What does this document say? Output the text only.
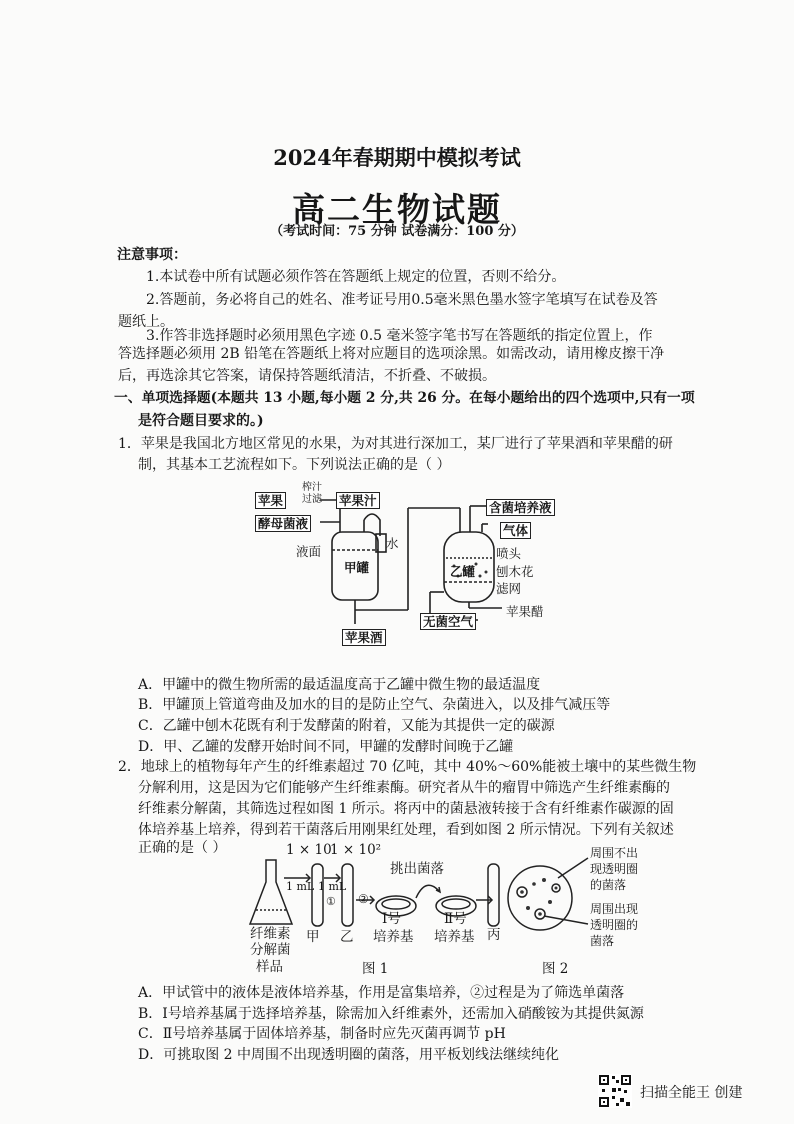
2024年春期期中模拟考试
高二生物试题
（考试时间：75 分钟 试卷满分：100 分）
注意事项：
1.本试卷中所有试题必须作答在答题纸上规定的位置，否则不给分。
2.答题前，务必将自己的姓名、准考证号用0.5毫米黑色墨水签字笔填写在试卷及答
题纸上。
3.作答非选择题时必须用黑色字迹 0.5 毫米签字笔书写在答题纸的指定位置上，作
答选择题必须用 2B 铅笔在答题纸上将对应题目的选项涂黑。如需改动，请用橡皮擦干净
后，再选涂其它答案，请保持答题纸清洁，不折叠、不破损。
一、单项选择题(本题共 13 小题,每小题 2 分,共 26 分。在每小题给出的四个选项中,只有一项
是符合题目要求的。)
1．苹果是我国北方地区常见的水果，为对其进行深加工，某厂进行了苹果酒和苹果醋的研
制，其基本工艺流程如下。下列说法正确的是（ ）
苹果
榨汁
过滤 苹果汁
酵母菌液
水
液面
甲罐
苹果酒
无菌空气
含菌培养液
气体
喷头
乙罐 刨木花
滤网
苹果醋
A．甲罐中的微生物所需的最适温度高于乙罐中微生物的最适温度
B．甲罐顶上管道弯曲及加水的目的是防止空气、杂菌进入，以及排气减压等
C．乙罐中刨木花既有利于发酵菌的附着，又能为其提供一定的碳源
D．甲、乙罐的发酵开始时间不同，甲罐的发酵时间晚于乙罐
2．地球上的植物每年产生的纤维素超过 70 亿吨，其中 40%～60%能被土壤中的某些微生物
分解利用，这是因为它们能够产生纤维素酶。研究者从牛的瘤胃中筛选产生纤维素酶的
纤维素分解菌，其筛选过程如图 1 所示。将丙中的菌悬液转接于含有纤维素作碳源的固
体培养基上培养，得到若干菌落后用刚果红处理，看到如图 2 所示情况。下列有关叙述
正确的是（ ）	1 × 10
1 × 10²
挑出菌落
1 mL 1 mL
① ②
纤维素
分解菌
样品
甲 乙
Ⅰ号
培养基
Ⅱ号
培养基 丙
图 1	图 2
周围不出
现透明圈
的菌落
周围出现
透明圈的
菌落
A．甲试管中的液体是液体培养基，作用是富集培养，②过程是为了筛选单菌落
B．Ⅰ号培养基属于选择培养基，除需加入纤维素外，还需加入硝酸铵为其提供氮源
C．Ⅱ号培养基属于固体培养基，制备时应先灭菌再调节 pH
D．可挑取图 2 中周围不出现透明圈的菌落，用平板划线法继续纯化
扫描全能王 创建
